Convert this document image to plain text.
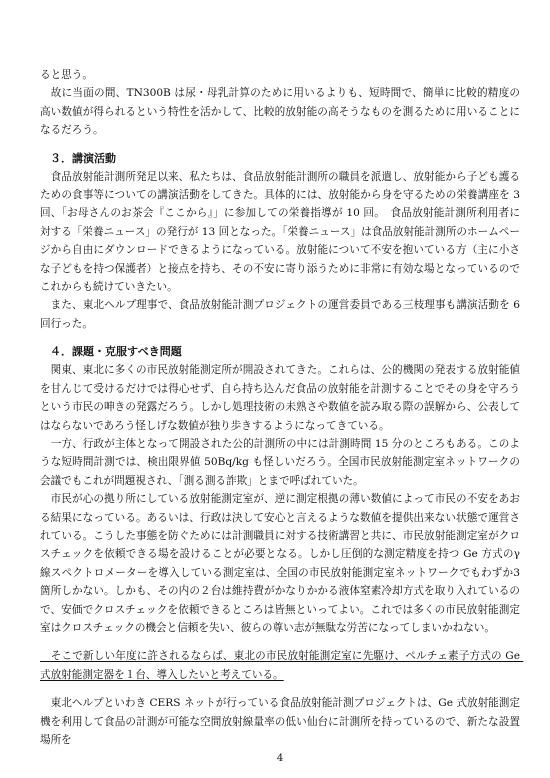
ると思う。

　故に当面の間、TN300B は尿・母乳計算のために用いるよりも、短時間で、簡単に比較的精度の高い数値が得られるという特性を活かして、比較的放射能の高そうなものを測るために用いることになるだろう。

３．講演活動

　食品放射能計測所発足以来、私たちは、食品放射能計測所の職員を派遣し、放射能から子ども護るための食事等についての講演活動をしてきた。具体的には、放射能から身を守るための栄養講座を 3 回、「お母さんのお茶会『ここから』」に参加しての栄養指導が 10 回。　食品放射能計測所利用者に対する「栄養ニュース」の発行が 13 回となった。「栄養ニュース」は食品放射能計測所のホームページから自由にダウンロードできるようになっている。放射能について不安を抱いている方（主に小さな子どもを持つ保護者）と接点を持ち、その不安に寄り添うために非常に有効な場となっているのでこれからも続けていきたい。

　また、東北ヘルプ理事で、食品放射能計測プロジェクトの運営委員である三枝理事も講演活動を 6 回行った。

４．課題・克服すべき問題

　関東、東北に多くの市民放射能測定所が開設されてきた。これらは、公的機関の発表する放射能値を甘んじて受けるだけでは得心せず、自ら持ち込んだ食品の放射能を計測することでその身を守ろうという市民の呻きの発露だろう。しかし処理技術の未熟さや数値を読み取る際の誤解から、公表してはならないであろう怪しげな数値が独り歩きするようになってきている。

　一方、行政が主体となって開設された公的計測所の中には計測時間 15 分のところもある。このような短時間計測では、検出限界値 50Bq/kg も怪しいだろう。全国市民放射能測定室ネットワークの会議でもこれが問題視され、「測る測る詐欺」とまで呼ばれていた。

　市民が心の拠り所にしている放射能測定室が、逆に測定根拠の薄い数値によって市民の不安をあおる結果になっている。あるいは、行政は決して安心と言えるような数値を提供出来ない状態で運営されている。こうした事態を防ぐためには計測職員に対する技術講習と共に、市民放射能測定室がクロスチェックを依頼できる場を設けることが必要となる。しかし圧倒的な測定精度を持つ Ge 方式のγ線スペクトロメーターを導入している測定室は、全国の市民放射能測定室ネットワークでもわずか3箇所しかない。しかも、その内の２台は維持費がかなりかかる液体窒素冷却方式を取り入れているので、安価でクロスチェックを依頼できるところは皆無といってよい。これでは多くの市民放射能測定室はクロスチェックの機会と信頼を失い、彼らの尊い志が無駄な労苦になってしまいかねない。

　そこで新しい年度に許されるならば、東北の市民放射能測定室に先駆け、ペルチェ素子方式の Ge 式放射能測定器を１台、導入したいと考えている。

　東北ヘルプといわき CERS ネットが行っている食品放射能計測プロジェクトは、Ge 式放射能測定機を利用して食品の計測が可能な空間放射線量率の低い仙台に計測所を持っているので、新たな設置場所を

4
